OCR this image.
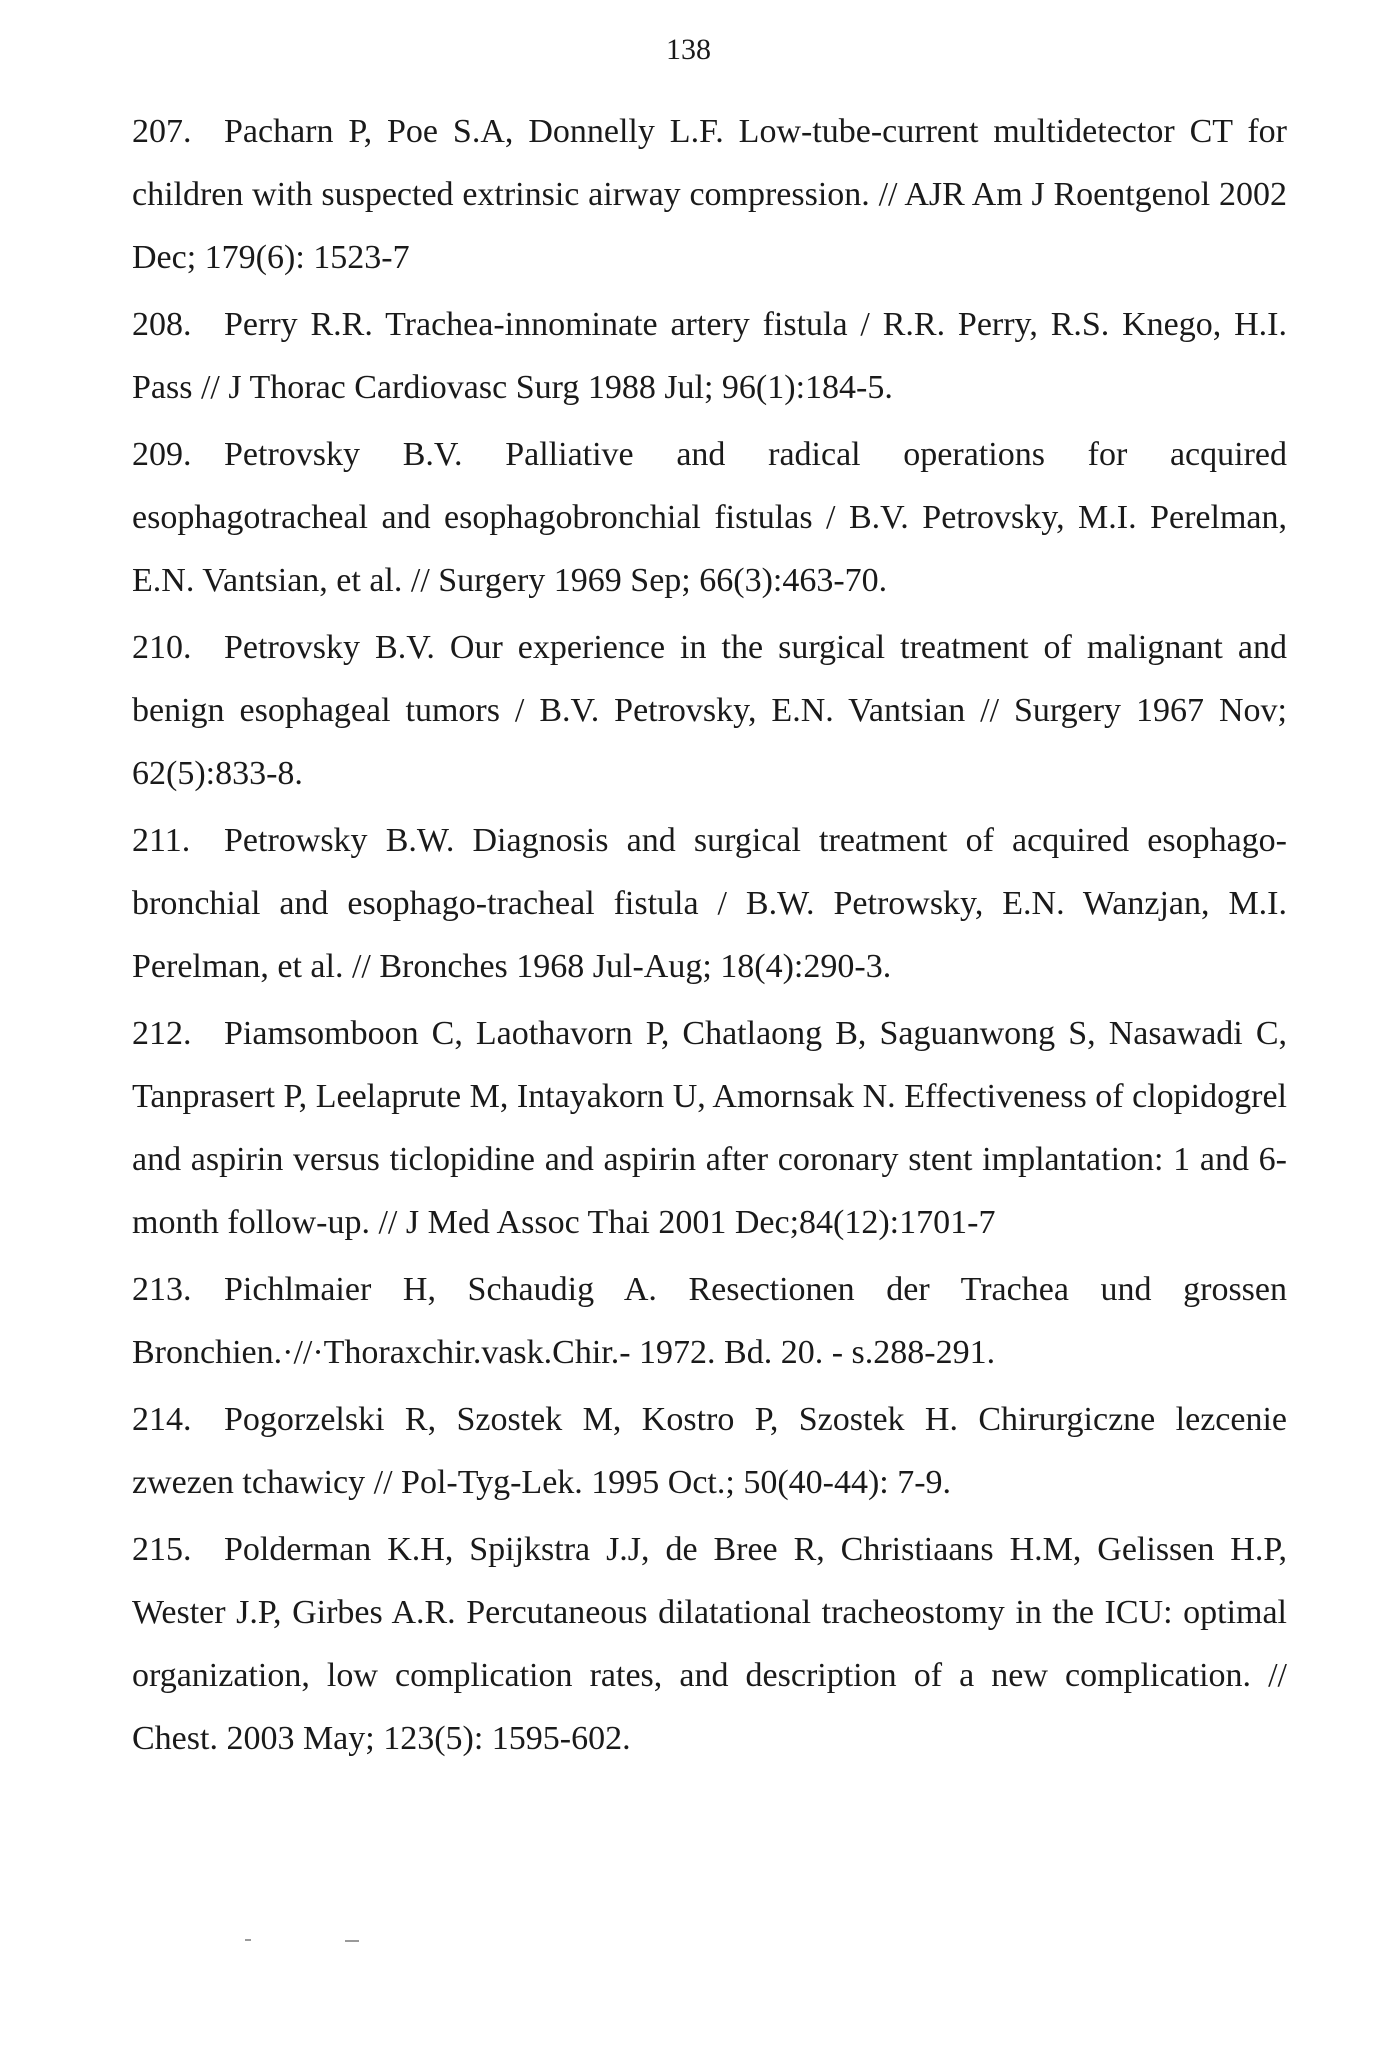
138
207. Pacharn P, Poe S.A, Donnelly L.F. Low-tube-current multidetector CT for children with suspected extrinsic airway compression. // AJR Am J Roentgenol 2002 Dec; 179(6): 1523-7
208. Perry R.R. Trachea-innominate artery fistula / R.R. Perry, R.S. Knego, H.I. Pass // J Thorac Cardiovasc Surg 1988 Jul; 96(1):184-5.
209. Petrovsky B.V. Palliative and radical operations for acquired esophagotracheal and esophagobronchial fistulas / B.V. Petrovsky, M.I. Perelman, E.N. Vantsian, et al. // Surgery 1969 Sep; 66(3):463-70.
210. Petrovsky B.V. Our experience in the surgical treatment of malignant and benign esophageal tumors / B.V. Petrovsky, E.N. Vantsian // Surgery 1967 Nov; 62(5):833-8.
211. Petrowsky B.W. Diagnosis and surgical treatment of acquired esophago-bronchial and esophago-tracheal fistula / B.W. Petrowsky, E.N. Wanzjan, M.I. Perelman, et al. // Bronches 1968 Jul-Aug; 18(4):290-3.
212. Piamsomboon C, Laothavorn P, Chatlaong B, Saguanwong S, Nasawadi C, Tanprasert P, Leelaprute M, Intayakorn U, Amornsak N. Effectiveness of clopidogrel and aspirin versus ticlopidine and aspirin after coronary stent implantation: 1 and 6-month follow-up. // J Med Assoc Thai 2001 Dec;84(12):1701-7
213. Pichlmaier H, Schaudig A. Resectionen der Trachea und grossen Bronchien.·//·Thoraxchir.vask.Chir.- 1972. Bd. 20. - s.288-291.
214. Pogorzelski R, Szostek M, Kostro P, Szostek H. Chirurgiczne lezcenie zwezen tchawicy // Pol-Tyg-Lek. 1995 Oct.; 50(40-44): 7-9.
215. Polderman K.H, Spijkstra J.J, de Bree R, Christiaans H.M, Gelissen H.P, Wester J.P, Girbes A.R. Percutaneous dilatational tracheostomy in the ICU: optimal organization, low complication rates, and description of a new complication. // Chest. 2003 May; 123(5): 1595-602.
